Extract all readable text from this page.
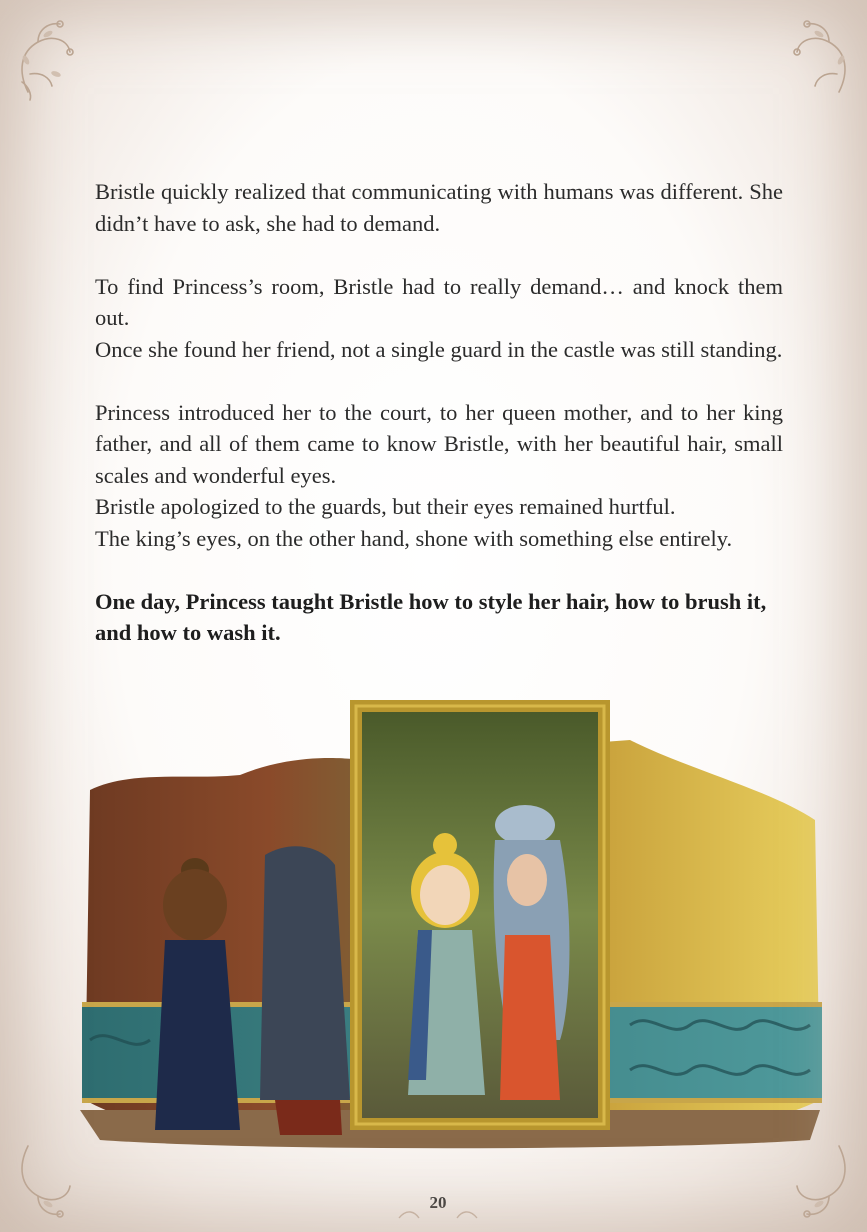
Bristle quickly realized that communicating with humans was different. She didn’t have to ask, she had to demand.

To find Princess’s room, Bristle had to really demand… and knock them out.

Once she found her friend, not a single guard in the castle was still standing.

Princess introduced her to the court, to her queen mother, and to her king father, and all of them came to know Bristle, with her beautiful hair, small scales and wonderful eyes.

Bristle apologized to the guards, but their eyes remained hurtful.

The king’s eyes, on the other hand, shone with something else entirely.

One day, Princess taught Bristle how to style her hair, how to brush it, and how to wash it.

20
